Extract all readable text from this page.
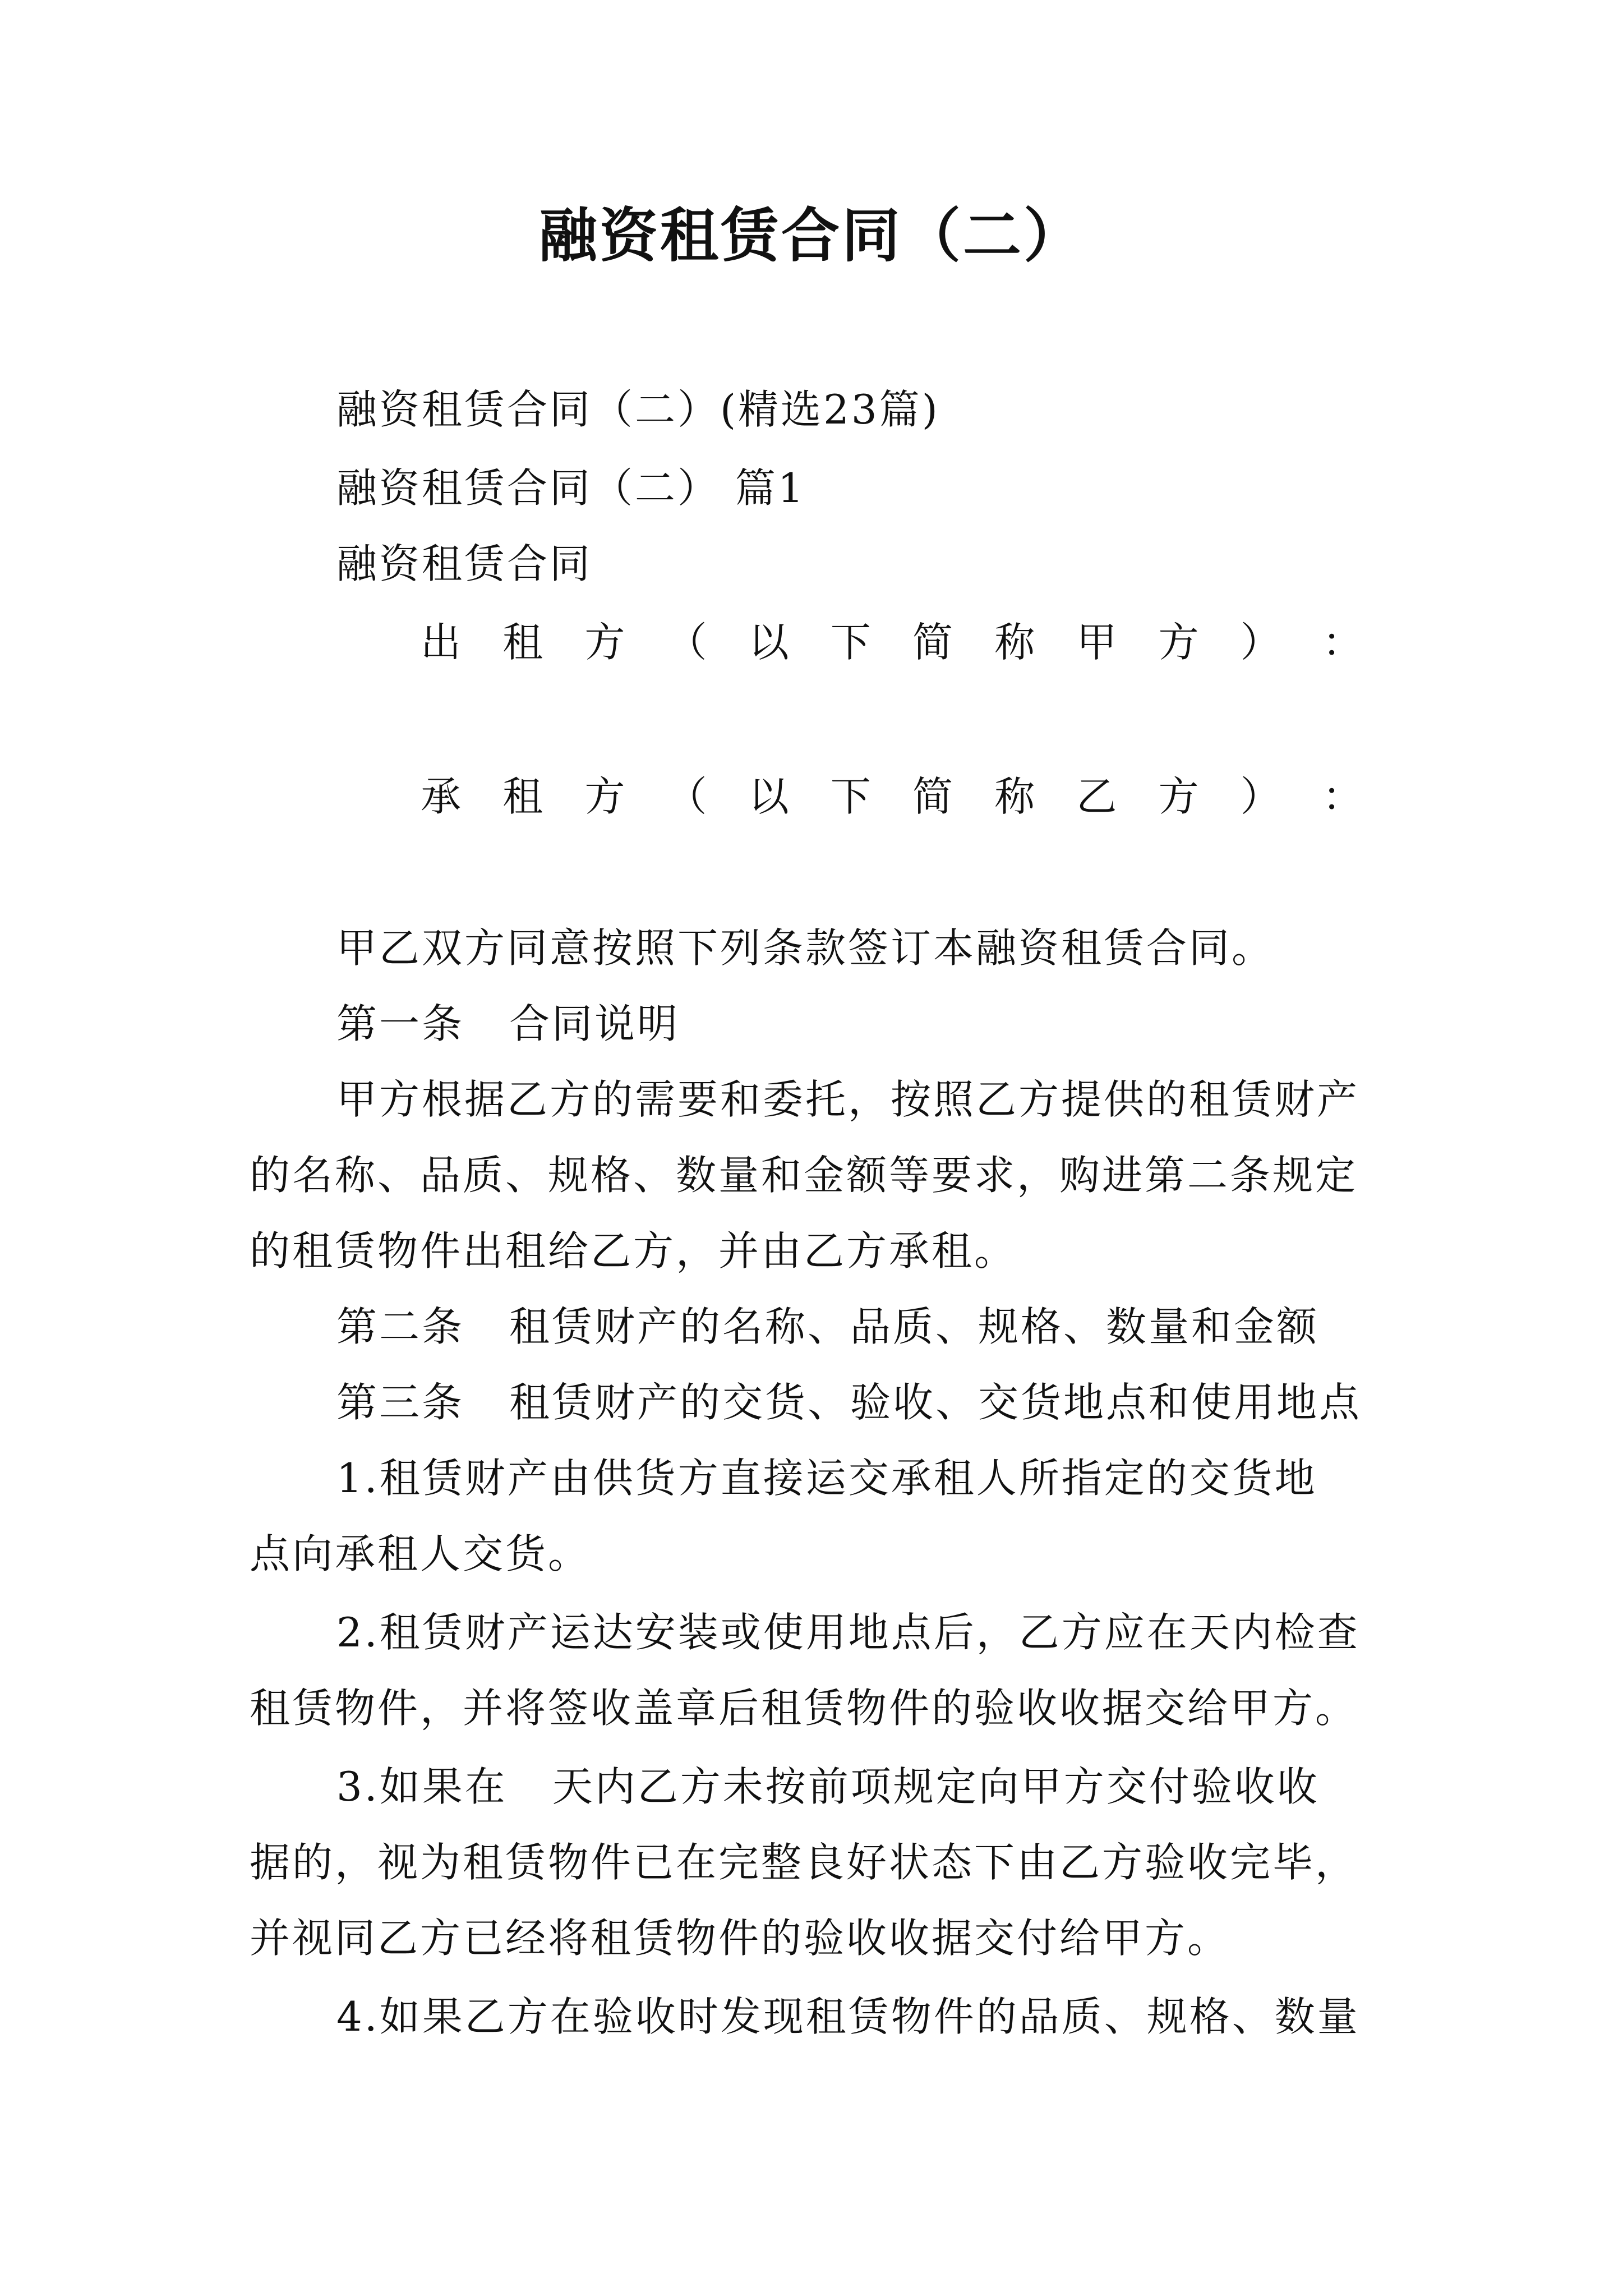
融资租赁合同（二）
融资租赁合同（二）(精选23篇)
融资租赁合同（二） 篇1
融资租赁合同
出 租 方 （ 以 下 简 称 甲 方 ） ：
承 租 方 （ 以 下 简 称 乙 方 ） ：
甲乙双方同意按照下列条款签订本融资租赁合同。
第一条 合同说明
甲方根据乙方的需要和委托，按照乙方提供的租赁财产
的名称、品质、规格、数量和金额等要求，购进第二条规定
的租赁物件出租给乙方，并由乙方承租。
第二条 租赁财产的名称、品质、规格、数量和金额
第三条 租赁财产的交货、验收、交货地点和使用地点
1.租赁财产由供货方直接运交承租人所指定的交货地
点向承租人交货。
2.租赁财产运达安装或使用地点后，乙方应在天内检查
租赁物件，并将签收盖章后租赁物件的验收收据交给甲方。
3.如果在 天内乙方未按前项规定向甲方交付验收收
据的，视为租赁物件已在完整良好状态下由乙方验收完毕，
并视同乙方已经将租赁物件的验收收据交付给甲方。
4.如果乙方在验收时发现租赁物件的品质、规格、数量
